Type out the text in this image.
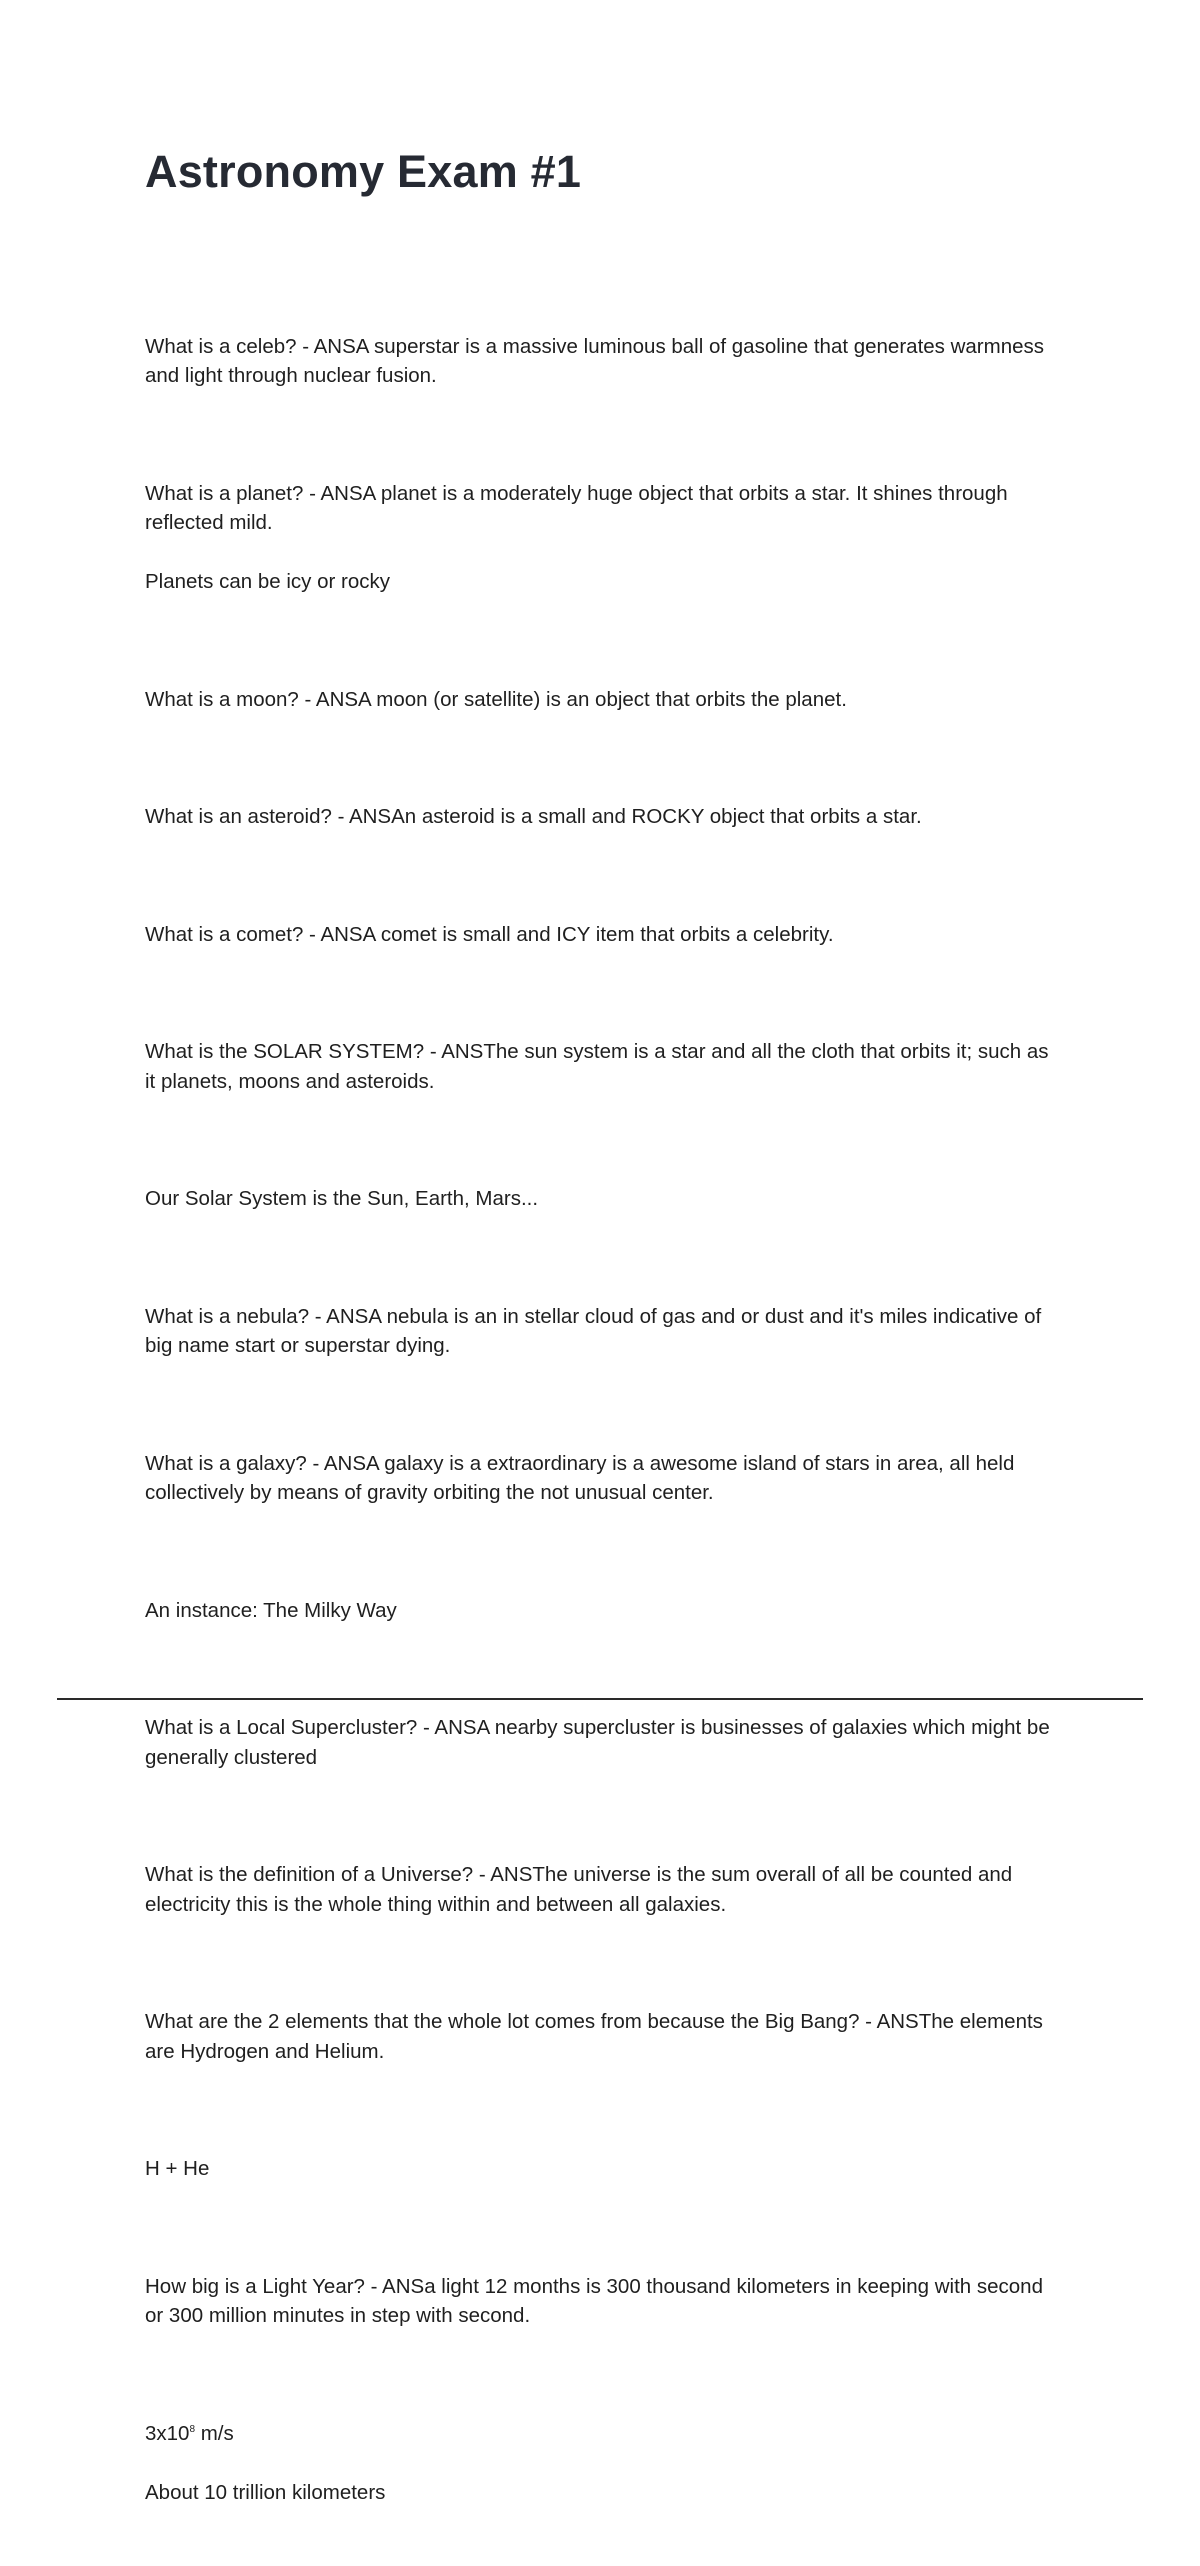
Astronomy Exam #1

What is a celeb? - ANSA superstar is a massive luminous ball of gasoline that generates warmness and light through nuclear fusion.

What is a planet? - ANSA planet is a moderately huge object that orbits a star. It shines through reflected mild.

Planets can be icy or rocky

What is a moon? - ANSA moon (or satellite) is an object that orbits the planet.

What is an asteroid? - ANSAn asteroid is a small and ROCKY object that orbits a star.

What is a comet? - ANSA comet is small and ICY item that orbits a celebrity.

What is the SOLAR SYSTEM? - ANSThe sun system is a star and all the cloth that orbits it; such as it planets, moons and asteroids.

Our Solar System is the Sun, Earth, Mars...

What is a nebula? - ANSA nebula is an in stellar cloud of gas and or dust and it's miles indicative of big name start or superstar dying.

What is a galaxy? - ANSA galaxy is a extraordinary is a awesome island of stars in area, all held collectively by means of gravity orbiting the not unusual center.

An instance: The Milky Way

What is a Local Supercluster? - ANSA nearby supercluster is businesses of galaxies which might be generally clustered

What is the definition of a Universe? - ANSThe universe is the sum overall of all be counted and electricity this is the whole thing within and between all galaxies.

What are the 2 elements that the whole lot comes from because the Big Bang? - ANSThe elements are Hydrogen and Helium.

H + He

How big is a Light Year? - ANSa light 12 months is 300 thousand kilometers in keeping with second or 300 million minutes in step with second.

$3x10^8$ m/s

About 10 trillion kilometers
